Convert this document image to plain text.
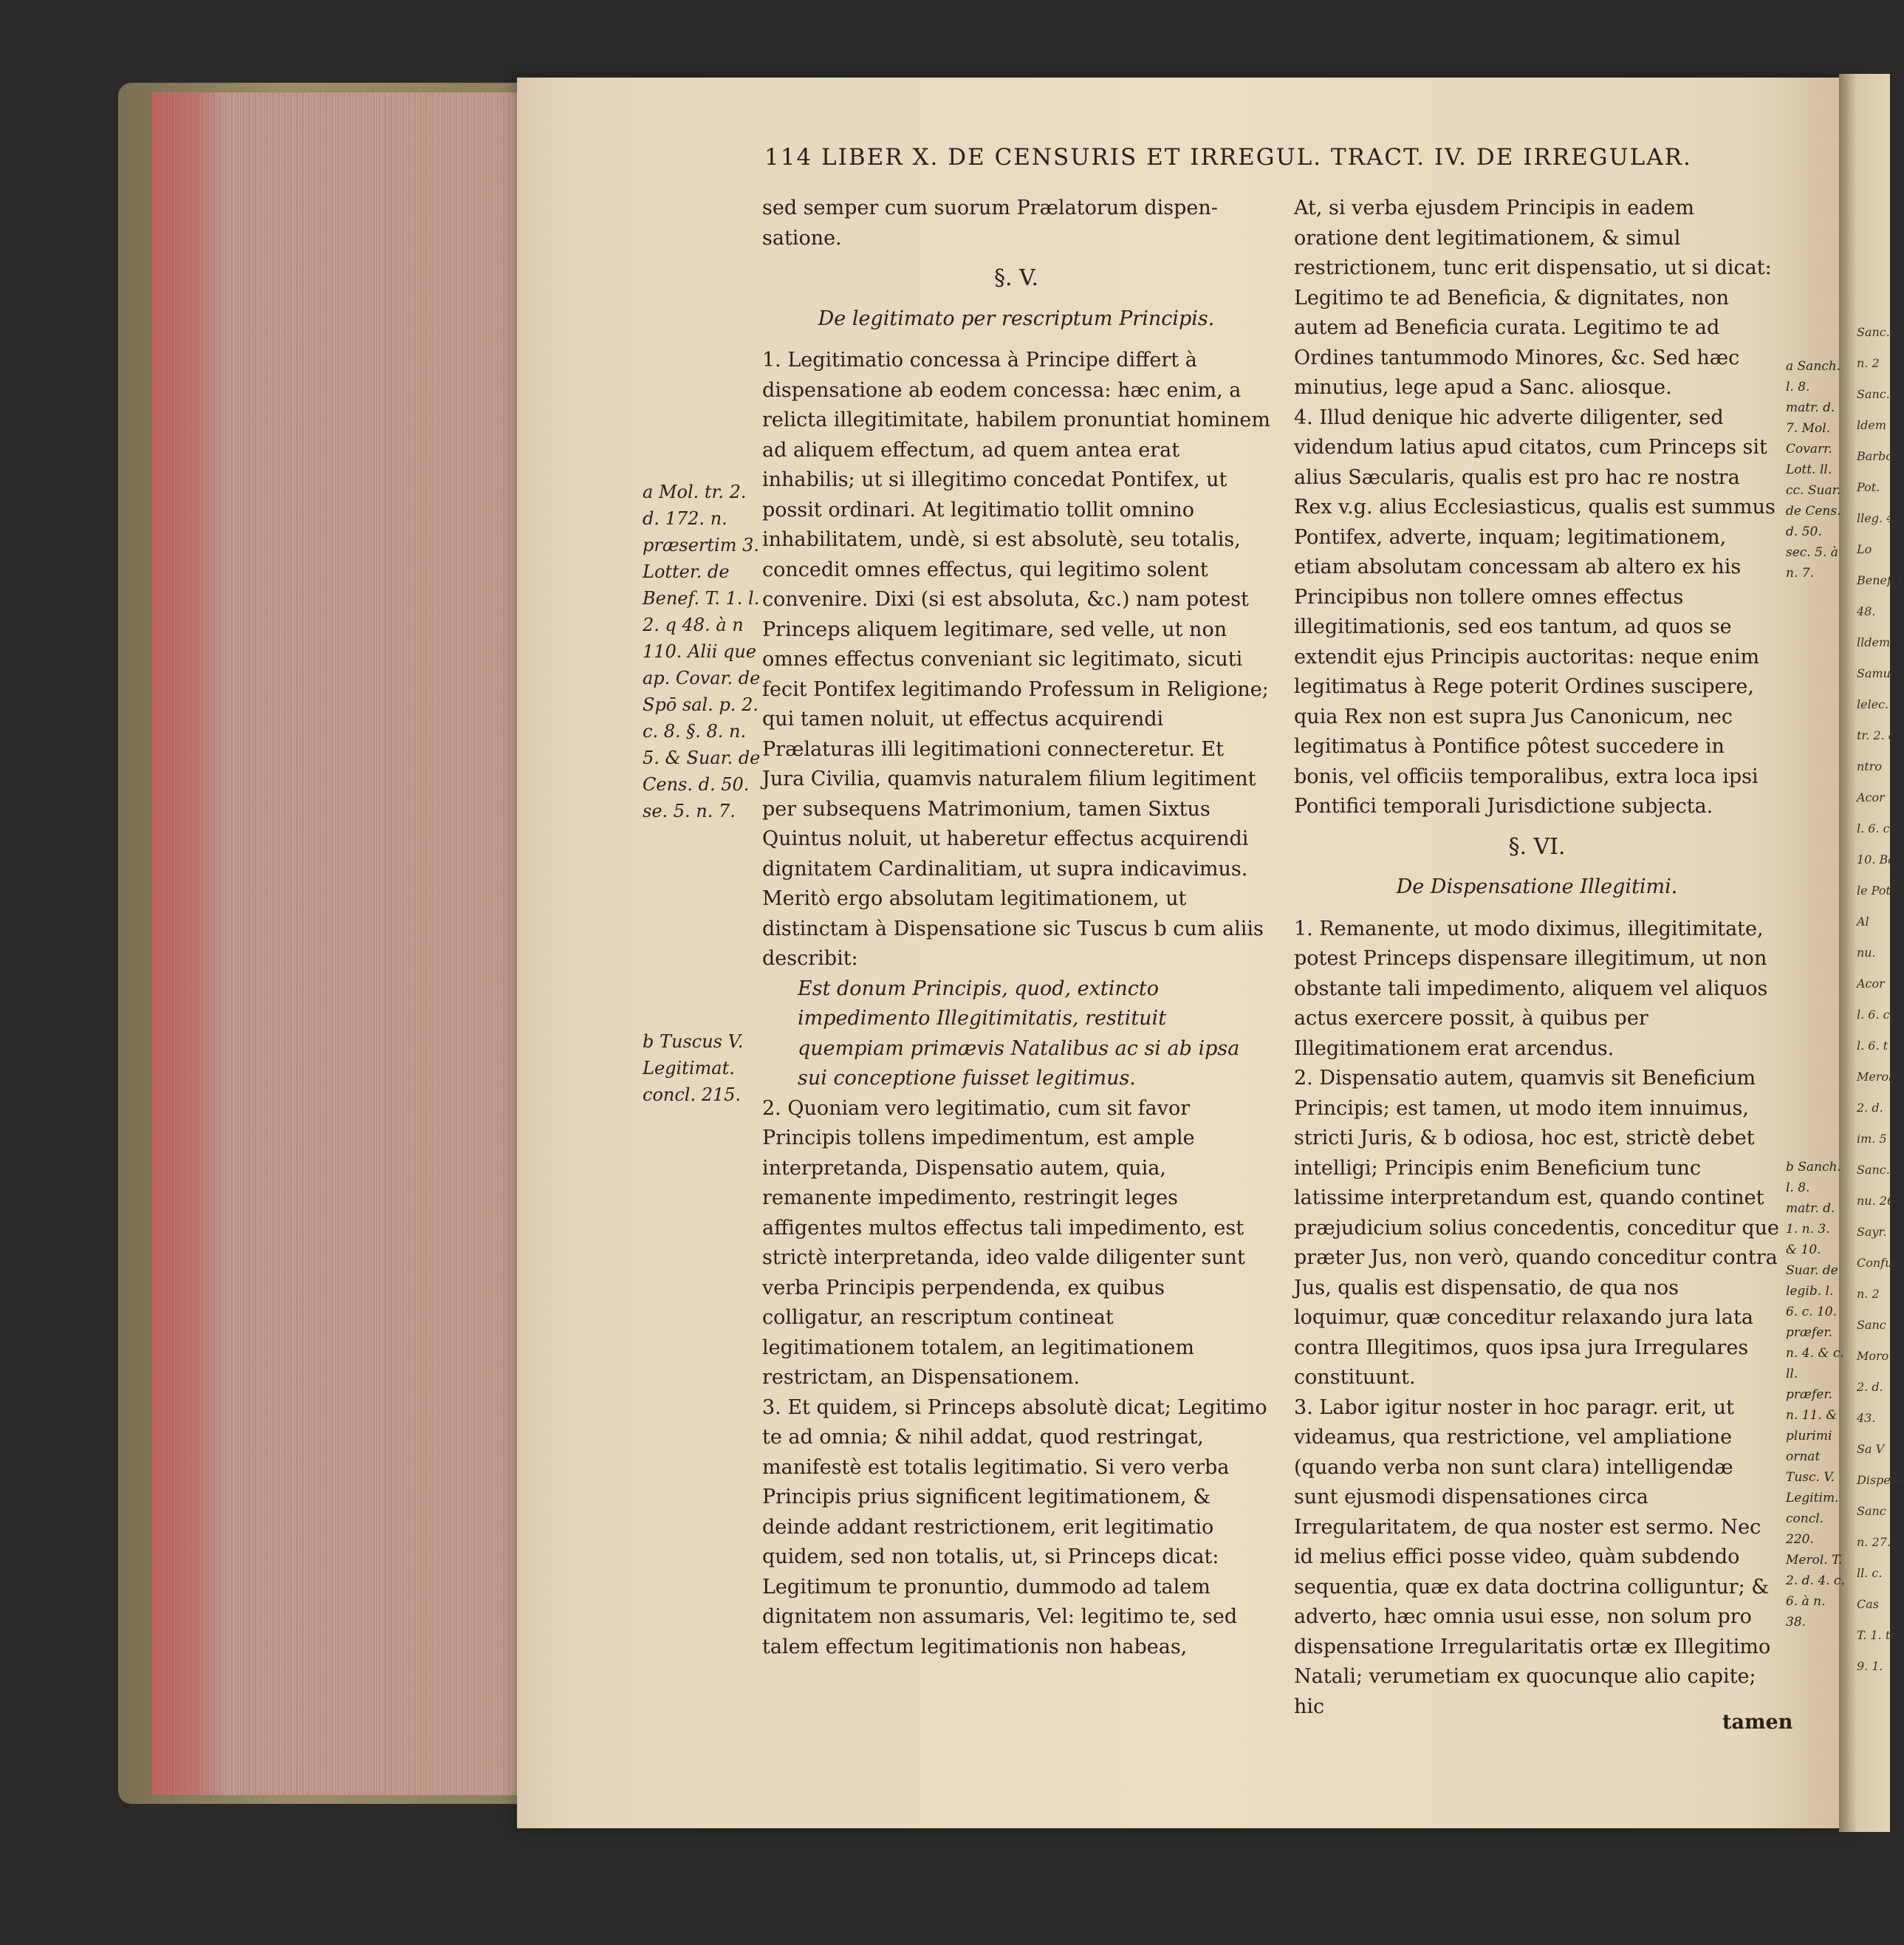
Sanc. l
n. 2
Sanc.
ldem
Barbo
Pot.
lleg. 4
Lo
Benef. l
48.
lldem
Samue
lelec.
tr. 2. a
ntro
Acor
l. 6. c
10. Ba
le Pote
Al
nu.
Acor
l. 6. c
l. 6. t
Merol
2. d.
im. 5
Sanc.
nu. 26
Sayr.
Confur.
n. 2
Sanc
Moro
2. d.
43.
Sa V
Dispens
Sanc
n. 27.
ll. c.
Cas
T. 1. tr.
9. 1.
114 LIBER X. DE CENSURIS ET IRREGUL. TRACT. IV. DE IRREGULAR.

sed semper cum suorum Prælatorum dispen-
satione.

§. V.

De legitimato per rescriptum Principis.

1. Legitimatio concessa à Principe differt à dispensatione ab eodem concessa: hæc enim, a relicta illegitimitate, habilem pronuntiat hominem ad aliquem effectum, ad quem antea erat inhabilis; ut si illegitimo concedat Pontifex, ut possit ordinari. At legitimatio tollit omnino inhabilitatem, undè, si est absolutè, seu totalis, concedit omnes effectus, qui legitimo solent convenire. Dixi (si est absoluta, &c.) nam potest Princeps aliquem legitimare, sed velle, ut non omnes effectus conveniant sic legitimato, sicuti fecit Pontifex legitimando Professum in Religione; qui tamen noluit, ut effectus acquirendi Prælaturas illi legitimationi connecteretur. Et Jura Civilia, quamvis naturalem filium legitiment per subsequens Matrimonium, tamen Sixtus Quintus noluit, ut haberetur effectus acquirendi dignitatem Cardinalitiam, ut supra indicavimus. Meritò ergo absolutam legitimationem, ut distinctam à Dispensatione sic Tuscus b cum aliis describit:

Est donum Principis, quod, extincto impedimento Illegitimitatis, restituit quempiam primævis Natalibus ac si ab ipsa sui conceptione fuisset legitimus.

2. Quoniam vero legitimatio, cum sit favor Principis tollens impedimentum, est ample interpretanda, Dispensatio autem, quia, remanente impedimento, restringit leges affigentes multos effectus tali impedimento, est strictè interpretanda, ideo valde diligenter sunt verba Principis perpendenda, ex quibus colligatur, an rescriptum contineat legitimationem totalem, an legitimationem restrictam, an Dispensationem.

3. Et quidem, si Princeps absolutè dicat; Legitimo te ad omnia; & nihil addat, quod restringat, manifestè est totalis legitimatio. Si vero verba Principis prius significent legitimationem, & deinde addant restrictionem, erit legitimatio quidem, sed non totalis, ut, si Princeps dicat: Legitimum te pronuntio, dummodo ad talem dignitatem non assumaris, Vel: legitimo te, sed talem effectum legitimationis non habeas,

At, si verba ejusdem Principis in eadem oratione dent legitimationem, & simul restrictionem, tunc erit dispensatio, ut si dicat: Legitimo te ad Beneficia, & dignitates, non autem ad Beneficia curata. Legitimo te ad Ordines tantummodo Minores, &c. Sed hæc minutius, lege apud a Sanc. aliosque.

4. Illud denique hic adverte diligenter, sed videndum latius apud citatos, cum Princeps sit alius Sæcularis, qualis est pro hac re nostra Rex v.g. alius Ecclesiasticus, qualis est summus Pontifex, adverte, inquam; legitimationem, etiam absolutam concessam ab altero ex his Principibus non tollere omnes effectus illegitimationis, sed eos tantum, ad quos se extendit ejus Principis auctoritas: neque enim legitimatus à Rege poterit Ordines suscipere, quia Rex non est supra Jus Canonicum, nec legitimatus à Pontifice pôtest succedere in bonis, vel officiis temporalibus, extra loca ipsi Pontifici temporali Jurisdictione subjecta.

§. VI.

De Dispensatione Illegitimi.

1. Remanente, ut modo diximus, illegitimitate, potest Princeps dispensare illegitimum, ut non obstante tali impedimento, aliquem vel aliquos actus exercere possit, à quibus per Illegitimationem erat arcendus.

2. Dispensatio autem, quamvis sit Beneficium Principis; est tamen, ut modo item innuimus, stricti Juris, & b odiosa, hoc est, strictè debet intelligi; Principis enim Beneficium tunc latissime interpretandum est, quando continet præjudicium solius concedentis, conceditur que præter Jus, non verò, quando conceditur contra Jus, qualis est dispensatio, de qua nos loquimur, quæ conceditur relaxando jura lata contra Illegitimos, quos ipsa jura Irregulares constituunt.

3. Labor igitur noster in hoc paragr. erit, ut videamus, qua restrictione, vel ampliatione (quando verba non sunt clara) intelligendæ sunt ejusmodi dispensationes circa Irregularitatem, de qua noster est sermo. Nec id melius effici posse video, quàm subdendo sequentia, quæ ex data doctrina colliguntur; & adverto, hæc omnia usui esse, non solum pro dispensatione Irregularitatis ortæ ex Illegitimo Natali; verumetiam ex quocunque alio capite; hic

a Mol. tr. 2. d. 172. n. præsertim 3. Lotter. de Benef. T. 1. l. 2. q 48. à n 110. Alii que ap. Covar. de Spō sal. p. 2. c. 8. §. 8. n. 5. & Suar. de Cens. d. 50. se. 5. n. 7.
b Tuscus V. Legitimat. concl. 215.
a Sanch. l. 8. matr. d. 7. Mol. Covarr. Lott. ll. cc. Suar. de Cens. d. 50. sec. 5. à n. 7.
b Sanch. l. 8. matr. d. 1. n. 3. & 10. Suar. de legib. l. 6. c. 10. præfer. n. 4. & c. ll. præfer. n. 11. & plurimi ornat Tusc. V. Legitim. concl. 220. Merol. T. 2. d. 4. c. 6. à n. 38.
tamen
